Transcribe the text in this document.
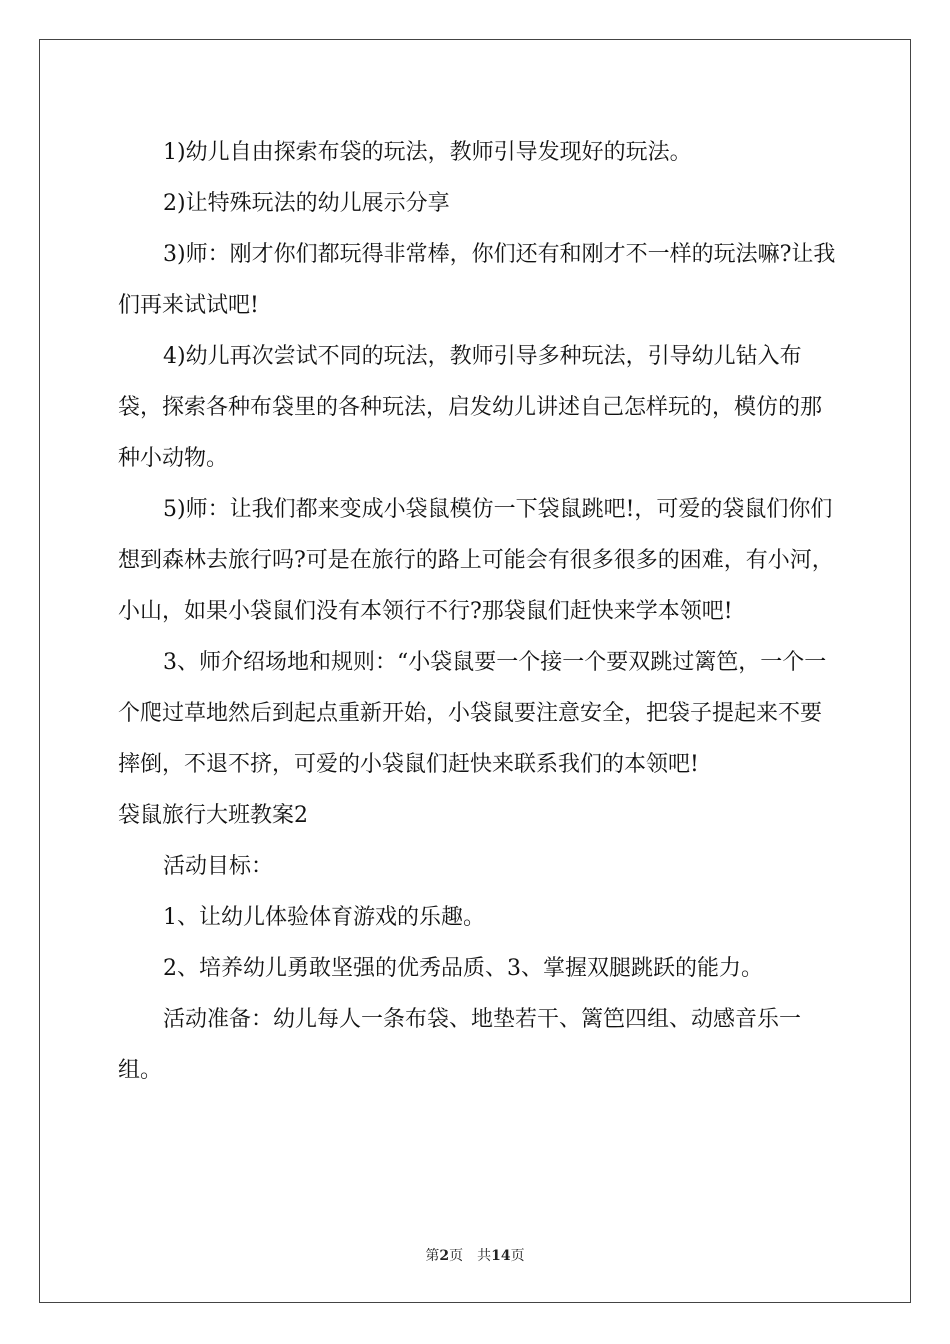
1)幼儿自由探索布袋的玩法，教师引导发现好的玩法。

2)让特殊玩法的幼儿展示分享

3)师：刚才你们都玩得非常棒，你们还有和刚才不一样的玩法嘛?让我们再来试试吧!

4)幼儿再次尝试不同的玩法，教师引导多种玩法，引导幼儿钻入布袋，探索各种布袋里的各种玩法，启发幼儿讲述自己怎样玩的，模仿的那种小动物。

5)师：让我们都来变成小袋鼠模仿一下袋鼠跳吧!，可爱的袋鼠们你们想到森林去旅行吗?可是在旅行的路上可能会有很多很多的困难，有小河，小山，如果小袋鼠们没有本领行不行?那袋鼠们赶快来学本领吧!

3、师介绍场地和规则：“小袋鼠要一个接一个要双跳过篱笆，一个一个爬过草地然后到起点重新开始，小袋鼠要注意安全，把袋子提起来不要摔倒，不退不挤，可爱的小袋鼠们赶快来联系我们的本领吧!

袋鼠旅行大班教案2

活动目标：

1、让幼儿体验体育游戏的乐趣。

2、培养幼儿勇敢坚强的优秀品质、3、掌握双腿跳跃的能力。

活动准备：幼儿每人一条布袋、地垫若干、篱笆四组、动感音乐一组。

第2页 共14页
